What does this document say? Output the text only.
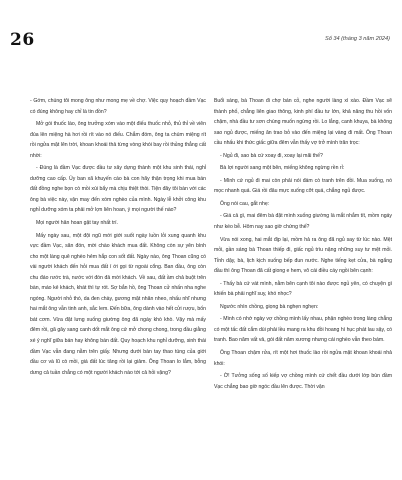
26	Số 34 (tháng 3 năm 2024)

- Gớm, chúng tôi mong ông như mong mẹ về chợ. Việc quy hoạch đầm Vạc có đúng không hay chỉ là tin đồn?

Mở gói thuốc lào, ông trưởng xóm vào một điếu thuốc nhỏ, thủ thỉ về viên đúa lên miệng hà hơi rồi rít vào nó điếu. Chẳm đóm, ông ta chúm miệng rít rồi ngửa mặt lên trời, khoan khoái thả từng vòng khói bay rồi thủng thẳng cất nhời:

- Đúng là đầm Vạc được đầu tư xây dựng thành một khu sinh thái, nghỉ dưỡng cao cấp. Ủy ban xã khuyến cáo bà con hãy thận trọng khi mua bán đất đồng nghe bọn cò mồi xúi bẩy mà chịu thiệt thòi. Tiện đây tôi bàn với các ông bà việc này, vận may đến xóm nghèo của mình. Ngày lễ khởi công khu nghỉ dưỡng xóm ta phải mở lợn liên hoan, ý mọi người thế nào?

Mọi người hân hoan gật tay nhất trí.

Mấy ngày sau, một đội ngũ mới giới suốt ngày luồn lỏi xung quanh khu vực đầm Vạc, săn đón, mời chào khách mua đất. Không còn sự yên bình cho một làng quê nghèo hẻm hắp con sốt đất. Ngày nào, ông Thoan cũng có vài người khách đến hỏi mua đất í ới gọi từ ngoài cổng. Ban đầu, ông còn chu đáo rước trà, nước với đón đả mời khách. Về sau, đất ầm chả buột trên bàn, máo kẻ khách, khát thì tự rót. Sợ bắn hồ, ông Thoan cử nhấn nha nghe ngóng. Người nhỏ thó, da đen chày, gương mặt nhăn nheo, nhấu nhĩ nhưng hai mắt ông vẫn tinh anh, sắc lem. Đến bữa, ông dành vào hết cửi rượu, bốn bát cơm. Vừa đặt lưng xuống giường ông đã ngáy khò khò. Vậy mà mấy đêm rồi, gã gây sang canh dốt mắt ông cứ mở chong chong, trong đầu giằng xé ý nghĩ giữa bán hay không bán đất. Quy hoạch khu nghỉ dưỡng, sinh thái đầm Vạc vẫn đang nằm trên giấy. Nhưng dưới bàn tay thao túng của giới đầu cơ và lũ cò mồi, giá đất lúc tăng rồi lại giảm. Ông Thoan lo lắm, bỗng dưng cả tuần chẳng có một người khách nào tới cả hỏi vặng?

Buổi sáng, bà Thoan đi chợ bán cỏ, nghe người làng xì xào. Đầm Vạc sẽ thành phố, chẳng liên giao thông, kinh phí đầu tư lớn, khả năng thu hồi vốn chậm, nhà đầu tư sơn chùng muốn ngừng rồi. Lo lắng, canh khuya, bà không sao ngủ được, miếng ăn trao bỏ vào đến miệng lại vàng đi mất. Ông Thoan cầu nhấu khi thức giấc giữa đêm vẫn thấy vợ trở mình trăn trọc:

- Ngủ đi, sao bà cứ xoay đi, xoay lại mãi thế?

Bà lợi người sang một bên, miếng không ngừng rền rỉ:

- Mình cứ ngủ đi mai còn phải nói đám cò tranh trên đồi. Mua xuống, nó mọc nhanh quá. Giá rồi đâu mực xuống cỡt quá, chẳng ngủ được.

Ông nói cau, gắt nhẹ:

- Giá cả gì, mai đêm bà đặt mình xuống giường là mắt nhắm tít, mồm ngáy như kéo bễ. Hôm nay sao giờ chứng thế?

Vừa nói xong, hai mắt địp lại, mồm hả ra ông đã ngủ say từ lúc nào. Mệt mỏi, gần sáng bà Thoan thiếp đi, giấc ngủ trìu nặng những suy tư mệt mỏi. Tỉnh dậy, bà, lịch kịch xuống bếp đun nước. Nghe tiếng kẹt cửa, bà ngẩng đầu thì ông Thoan đã cất giong e hem, vô cái điều cáy ngồi bên cạnh:

- Thấy bà cứ vát mình, nằm bên cạnh tôi nào được ngủ yên, có chuyện gì khiến bà phải nghĩ suy, khó nhọc?

Ngước nhìn chồng, giọng bà nghẹn nghẹn:

- Mình có nhớ ngày vợ chồng mình lấy nhau, phận nghèo trong làng chẳng có một tấc đất cắm dùi phải lều mang ra khu đồi hoang hì hục phát lau sậy, có tranh. Bao năm vất vả, gói đất năm xương nhưng cái nghèo vẫn theo bám.

Ông Thoan chậm rửa, rít một hơi thuốc lào rồi ngửa mặt khoan khoái nhả khói:

- Ờ! Tưởng sống số kiếp vợ chồng mình cứ chết đầu dưới lớp bùn đầm Vạc chẳng bao giờ ngóc đầu lên được. Thời vận
